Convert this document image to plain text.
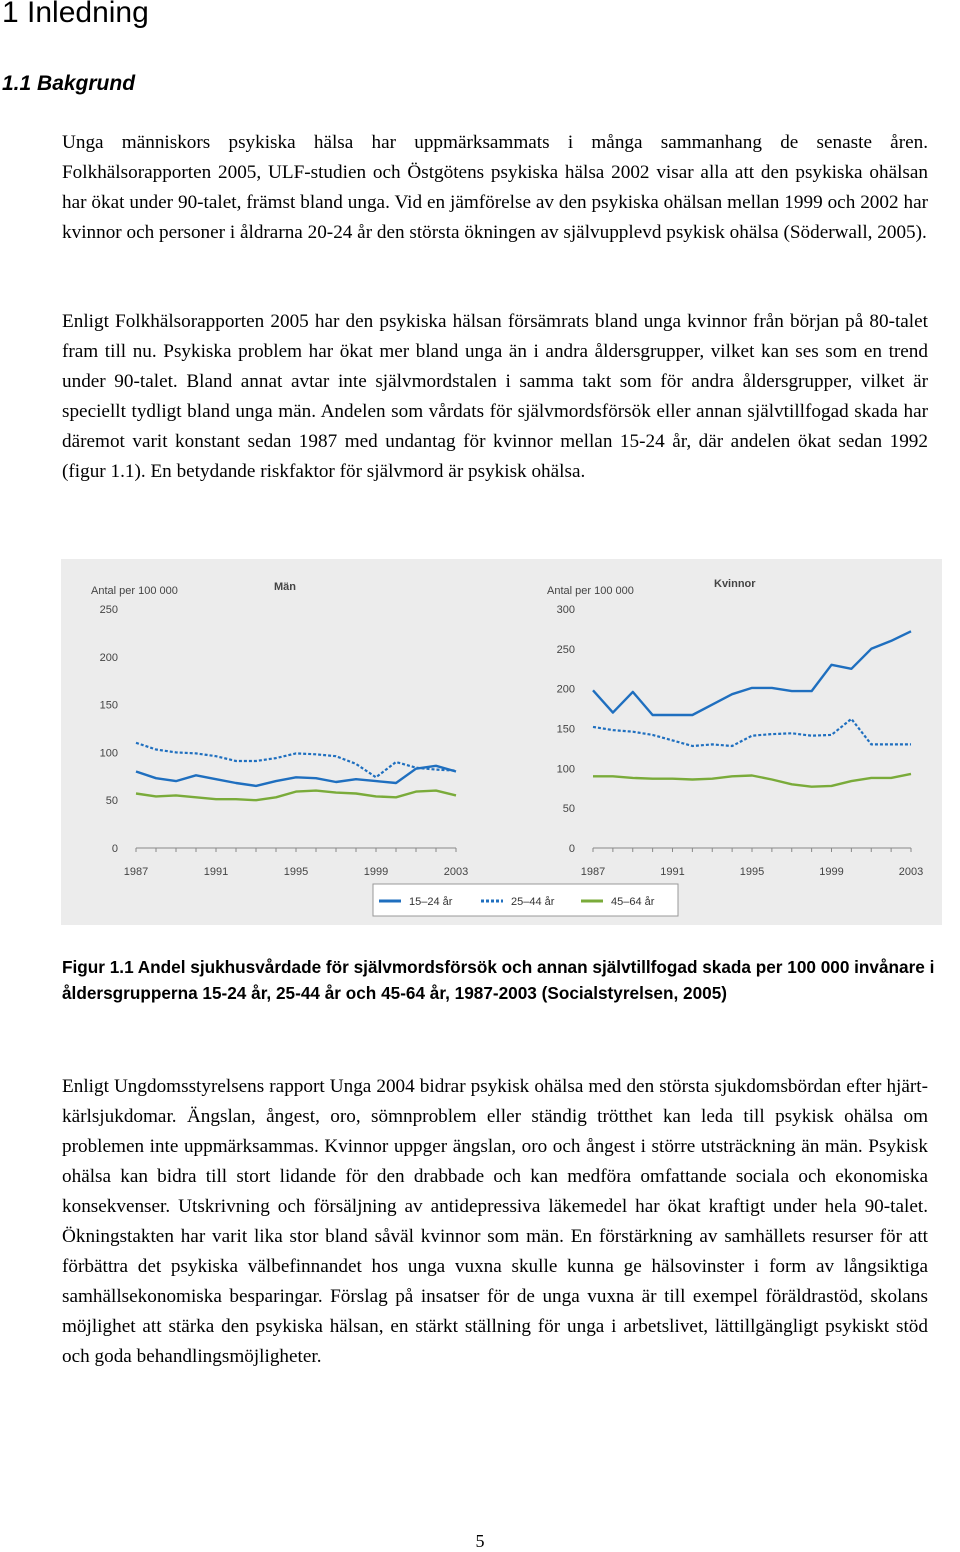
1 Inledning
1.1 Bakgrund

Unga människors psykiska hälsa har uppmärksammats i många sammanhang de senaste åren. Folkhälsorapporten 2005, ULF-studien och Östgötens psykiska hälsa 2002 visar alla att den psykiska ohälsan har ökat under 90-talet, främst bland unga. Vid en jämförelse av den psykiska ohälsan mellan 1999 och 2002 har kvinnor och personer i åldrarna 20-24 år den största ökningen av självupplevd psykisk ohälsa (Söderwall, 2005).

Enligt Folkhälsorapporten 2005 har den psykiska hälsan försämrats bland unga kvinnor från början på 80-talet fram till nu. Psykiska problem har ökat mer bland unga än i andra åldersgrupper, vilket kan ses som en trend under 90-talet. Bland annat avtar inte självmordstalen i samma takt som för andra åldersgrupper, vilket är speciellt tydligt bland unga män. Andelen som vårdats för självmordsförsök eller annan självtillfogad skada har däremot varit konstant sedan 1987 med undantag för kvinnor mellan 15-24 år, där andelen ökat sedan 1992 (figur 1.1). En betydande riskfaktor för självmord är psykisk ohälsa.

Antal per 100 000	Män
0
50
100
150
200
250
1987	1991	1995	1999	2003
Antal per 100 000
Kvinnor
0
50
100
150
200
250
300
1987	1991	1995	1999	2003
15–24 år	25–44 år	45–64 år

Figur 1.1 Andel sjukhusvårdade för självmordsförsök och annan självtillfogad skada per 100 000 invånare i åldersgrupperna 15-24 år, 25-44 år och 45-64 år, 1987-2003 (Socialstyrelsen, 2005)

Enligt Ungdomsstyrelsens rapport Unga 2004 bidrar psykisk ohälsa med den största sjukdomsbördan efter hjärt-kärlsjukdomar. Ängslan, ångest, oro, sömnproblem eller ständig trötthet kan leda till psykisk ohälsa om problemen inte uppmärksammas. Kvinnor uppger ängslan, oro och ångest i större utsträckning än män. Psykisk ohälsa kan bidra till stort lidande för den drabbade och kan medföra omfattande sociala och ekonomiska konsekvenser. Utskrivning och försäljning av antidepressiva läkemedel har ökat kraftigt under hela 90-talet. Ökningstakten har varit lika stor bland såväl kvinnor som män. En förstärkning av samhällets resurser för att förbättra det psykiska välbefinnandet hos unga vuxna skulle kunna ge hälsovinster i form av långsiktiga samhällsekonomiska besparingar. Förslag på insatser för de unga vuxna är till exempel föräldrastöd, skolans möjlighet att stärka den psykiska hälsan, en stärkt ställning för unga i arbetslivet, lättillgängligt psykiskt stöd och goda behandlingsmöjligheter.

5
